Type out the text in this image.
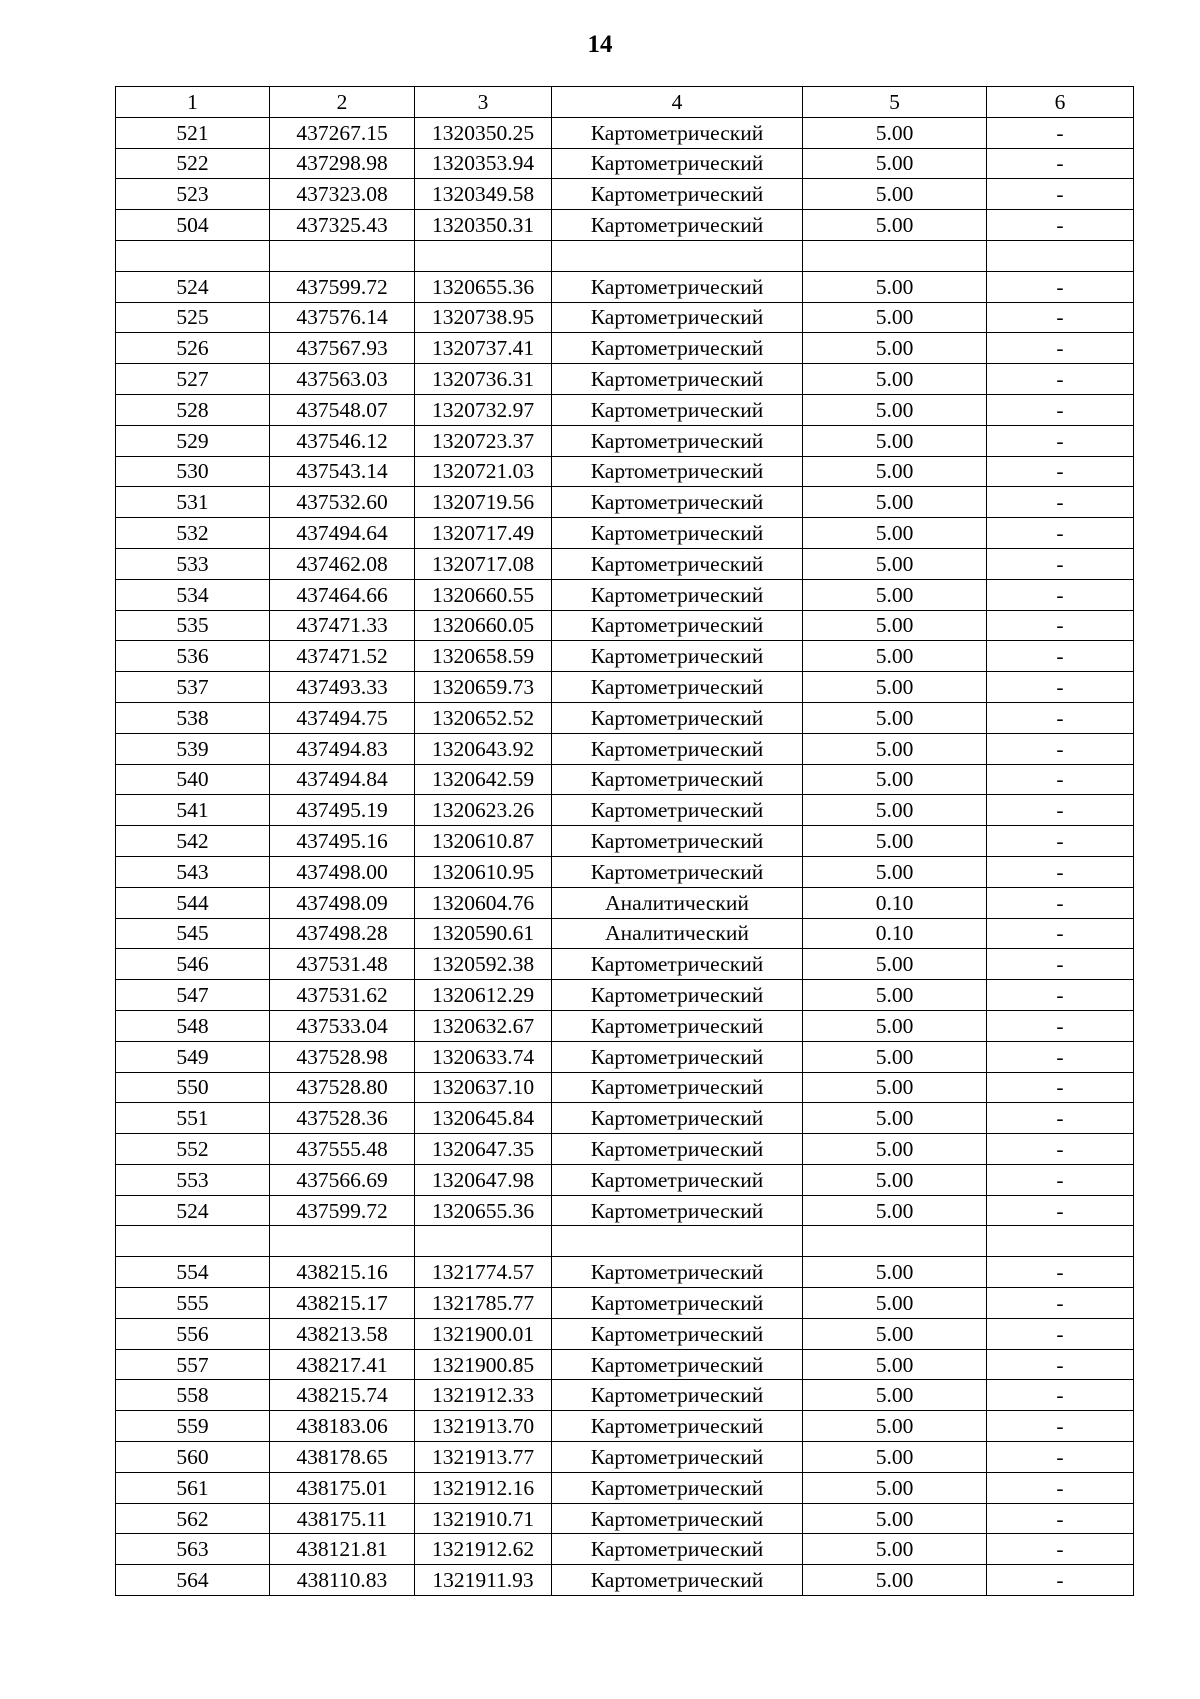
14
1	2	3	4	5	6
521	437267.15	1320350.25	Картометрический	5.00	-
522	437298.98	1320353.94	Картометрический	5.00	-
523	437323.08	1320349.58	Картометрический	5.00	-
504	437325.43	1320350.31	Картометрический	5.00	-

524	437599.72	1320655.36	Картометрический	5.00	-
525	437576.14	1320738.95	Картометрический	5.00	-
526	437567.93	1320737.41	Картометрический	5.00	-
527	437563.03	1320736.31	Картометрический	5.00	-
528	437548.07	1320732.97	Картометрический	5.00	-
529	437546.12	1320723.37	Картометрический	5.00	-
530	437543.14	1320721.03	Картометрический	5.00	-
531	437532.60	1320719.56	Картометрический	5.00	-
532	437494.64	1320717.49	Картометрический	5.00	-
533	437462.08	1320717.08	Картометрический	5.00	-
534	437464.66	1320660.55	Картометрический	5.00	-
535	437471.33	1320660.05	Картометрический	5.00	-
536	437471.52	1320658.59	Картометрический	5.00	-
537	437493.33	1320659.73	Картометрический	5.00	-
538	437494.75	1320652.52	Картометрический	5.00	-
539	437494.83	1320643.92	Картометрический	5.00	-
540	437494.84	1320642.59	Картометрический	5.00	-
541	437495.19	1320623.26	Картометрический	5.00	-
542	437495.16	1320610.87	Картометрический	5.00	-
543	437498.00	1320610.95	Картометрический	5.00	-
544	437498.09	1320604.76	Аналитический	0.10	-
545	437498.28	1320590.61	Аналитический	0.10	-
546	437531.48	1320592.38	Картометрический	5.00	-
547	437531.62	1320612.29	Картометрический	5.00	-
548	437533.04	1320632.67	Картометрический	5.00	-
549	437528.98	1320633.74	Картометрический	5.00	-
550	437528.80	1320637.10	Картометрический	5.00	-
551	437528.36	1320645.84	Картометрический	5.00	-
552	437555.48	1320647.35	Картометрический	5.00	-
553	437566.69	1320647.98	Картометрический	5.00	-
524	437599.72	1320655.36	Картометрический	5.00	-

554	438215.16	1321774.57	Картометрический	5.00	-
555	438215.17	1321785.77	Картометрический	5.00	-
556	438213.58	1321900.01	Картометрический	5.00	-
557	438217.41	1321900.85	Картометрический	5.00	-
558	438215.74	1321912.33	Картометрический	5.00	-
559	438183.06	1321913.70	Картометрический	5.00	-
560	438178.65	1321913.77	Картометрический	5.00	-
561	438175.01	1321912.16	Картометрический	5.00	-
562	438175.11	1321910.71	Картометрический	5.00	-
563	438121.81	1321912.62	Картометрический	5.00	-
564	438110.83	1321911.93	Картометрический	5.00	-
